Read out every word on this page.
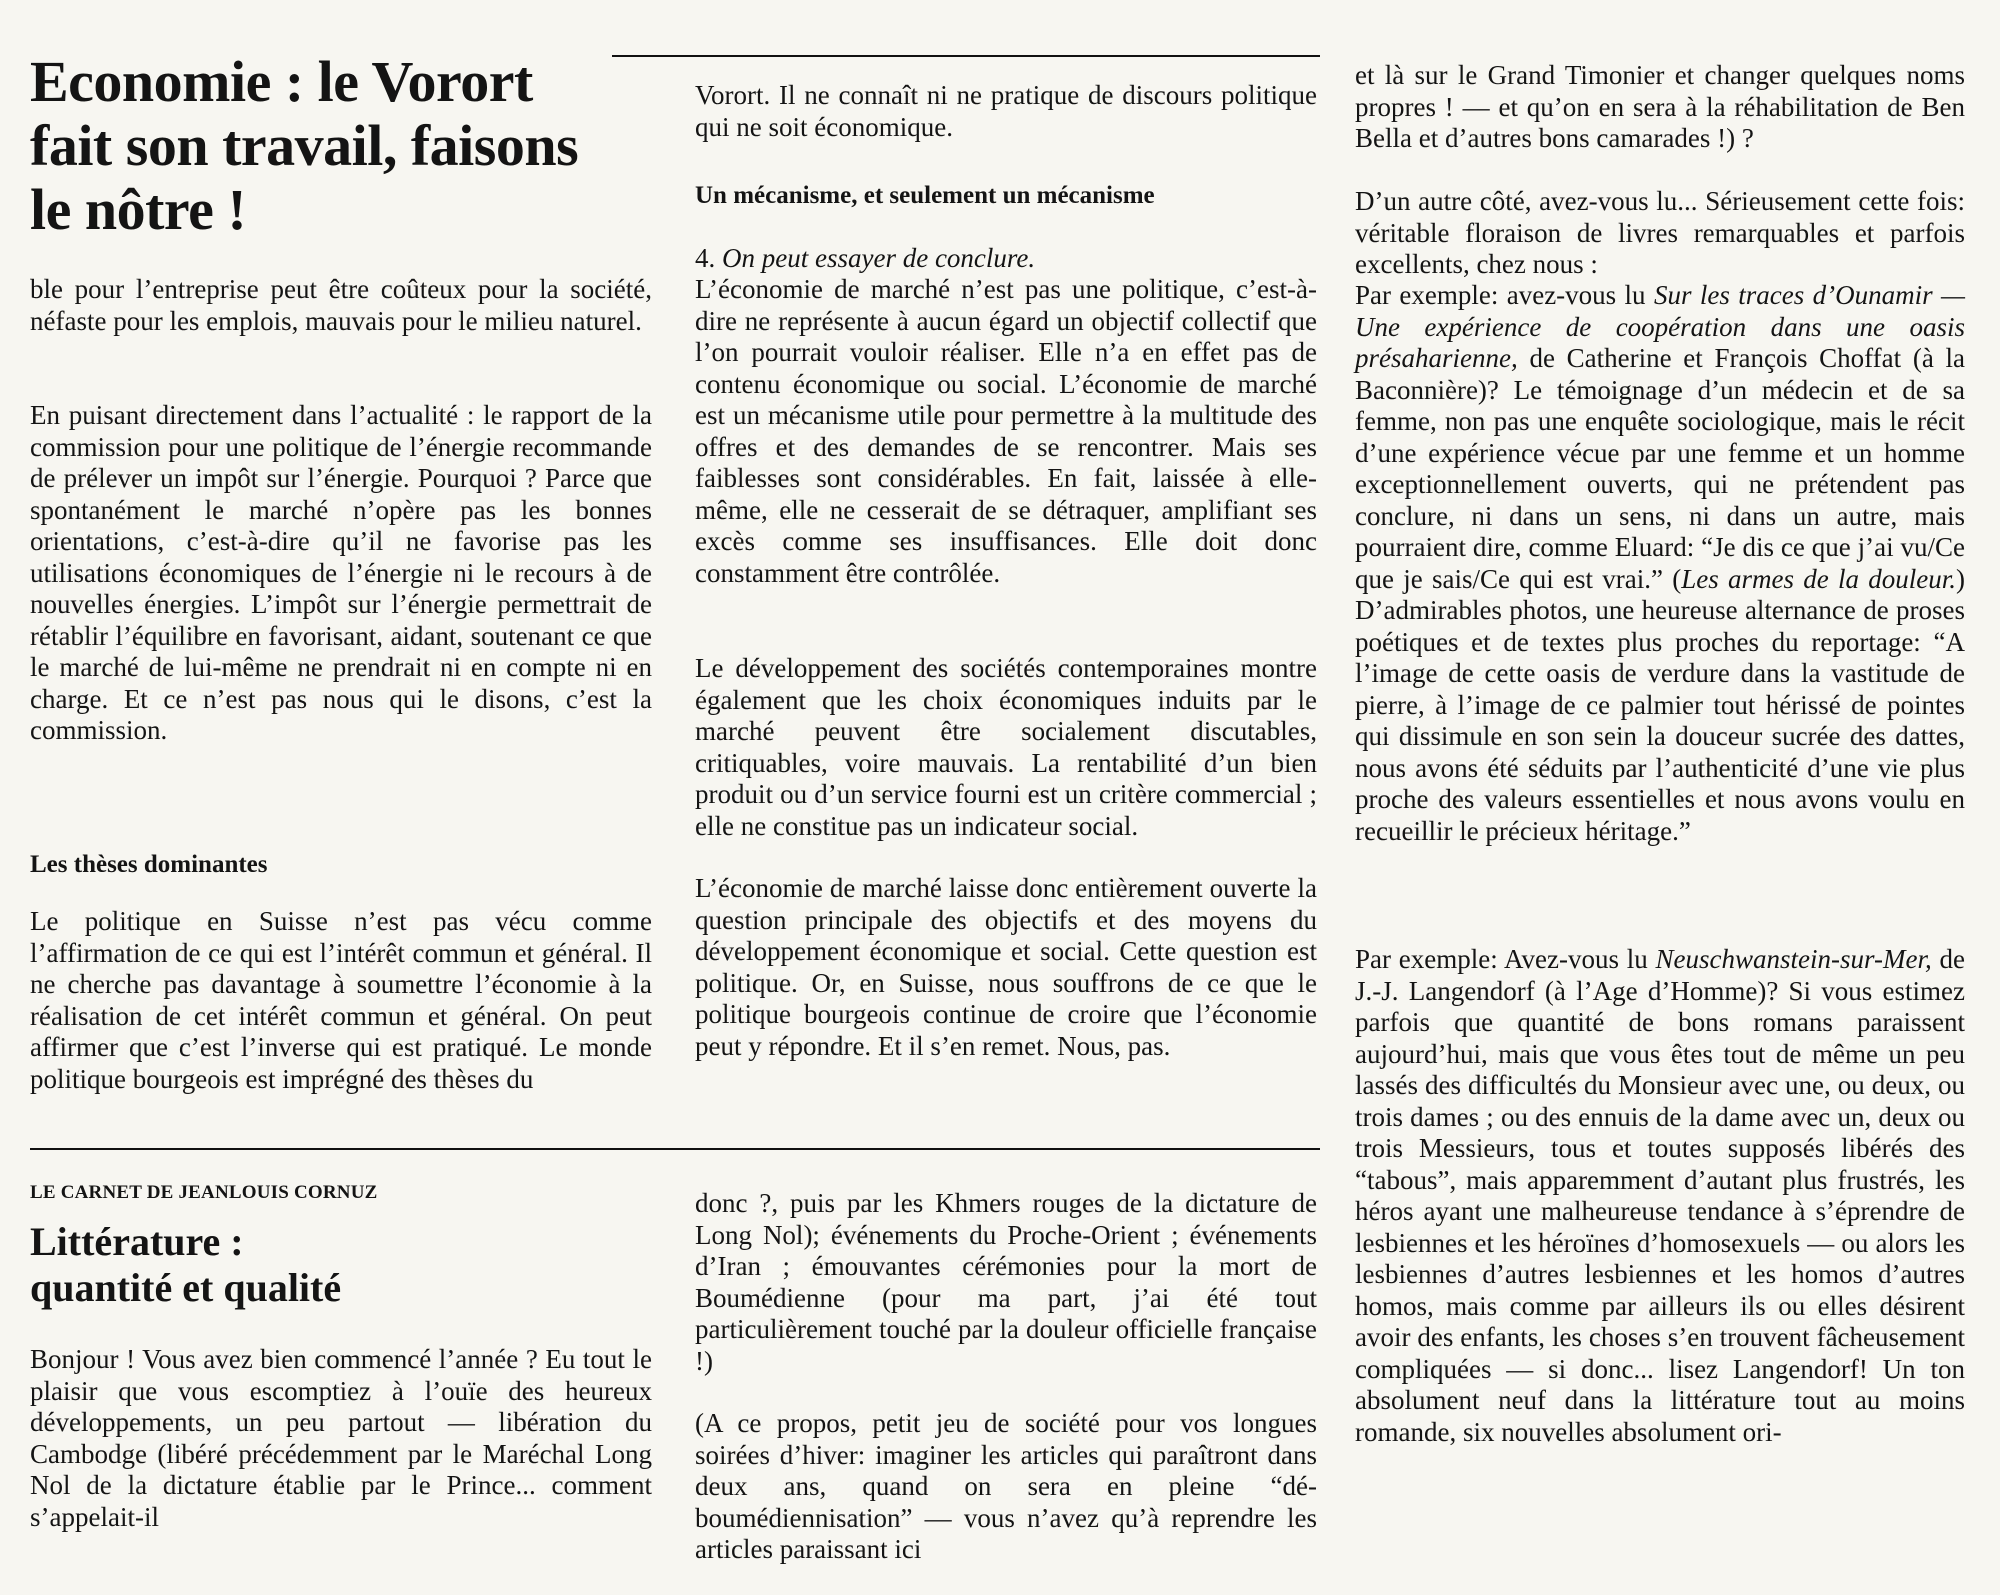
Economie : le Vorort fait son travail, faisons le nôtre !

ble pour l’entreprise peut être coûteux pour la société, néfaste pour les emplois, mauvais pour le milieu naturel.

En puisant directement dans l’actualité : le rapport de la commission pour une politique de l’énergie recommande de prélever un impôt sur l’énergie. Pourquoi ? Parce que spontanément le marché n’opère pas les bonnes orientations, c’est-à-dire qu’il ne favorise pas les utilisations économiques de l’énergie ni le recours à de nouvelles énergies. L’impôt sur l’énergie permettrait de rétablir l’équilibre en favorisant, aidant, soutenant ce que le marché de lui-même ne prendrait ni en compte ni en charge. Et ce n’est pas nous qui le disons, c’est la commission.

Les thèses dominantes

Le politique en Suisse n’est pas vécu comme l’affirmation de ce qui est l’intérêt commun et général. Il ne cherche pas davantage à soumettre l’économie à la réalisation de cet intérêt commun et général. On peut affirmer que c’est l’inverse qui est pratiqué. Le monde politique bourgeois est imprégné des thèses du

Vorort. Il ne connaît ni ne pratique de discours politique qui ne soit économique.

Un mécanisme, et seulement un mécanisme

4. On peut essayer de conclure.

L’économie de marché n’est pas une politique, c’est-à-dire ne représente à aucun égard un objectif collectif que l’on pourrait vouloir réaliser. Elle n’a en effet pas de contenu économique ou social. L’économie de marché est un mécanisme utile pour permettre à la multitude des offres et des demandes de se rencontrer. Mais ses faiblesses sont considérables. En fait, laissée à elle-même, elle ne cesserait de se détraquer, amplifiant ses excès comme ses insuffisances. Elle doit donc constamment être contrôlée.

Le développement des sociétés contemporaines montre également que les choix économiques induits par le marché peuvent être socialement discutables, critiquables, voire mauvais. La rentabilité d’un bien produit ou d’un service fourni est un critère commercial ; elle ne constitue pas un indicateur social.

L’économie de marché laisse donc entièrement ouverte la question principale des objectifs et des moyens du développement économique et social. Cette question est politique. Or, en Suisse, nous souffrons de ce que le politique bourgeois continue de croire que l’économie peut y répondre. Et il s’en remet. Nous, pas.

LE CARNET DE JEANLOUIS CORNUZ
Littérature :
quantité et qualité

Bonjour ! Vous avez bien commencé l’année ? Eu tout le plaisir que vous escomptiez à l’ouïe des heureux développements, un peu partout — libération du Cambodge (libéré précédemment par le Maréchal Long Nol de la dictature établie par le Prince... comment s’appelait-il

donc ?, puis par les Khmers rouges de la dictature de Long Nol); événements du Proche-Orient ; événements d’Iran ; émouvantes cérémonies pour la mort de Boumédienne (pour ma part, j’ai été tout particulièrement touché par la douleur officielle française !)

(A ce propos, petit jeu de société pour vos longues soirées d’hiver: imaginer les articles qui paraîtront dans deux ans, quand on sera en pleine “dé-boumédiennisation” — vous n’avez qu’à reprendre les articles paraissant ici

et là sur le Grand Timonier et changer quelques noms propres ! — et qu’on en sera à la réhabilitation de Ben Bella et d’autres bons camarades !) ?

D’un autre côté, avez-vous lu... Sérieusement cette fois: véritable floraison de livres remarquables et parfois excellents, chez nous :

Par exemple: avez-vous lu Sur les traces d’Ounamir — Une expérience de coopération dans une oasis présaharienne, de Catherine et François Choffat (à la Baconnière)? Le témoignage d’un médecin et de sa femme, non pas une enquête sociologique, mais le récit d’une expérience vécue par une femme et un homme exceptionnellement ouverts, qui ne prétendent pas conclure, ni dans un sens, ni dans un autre, mais pourraient dire, comme Eluard: “Je dis ce que j’ai vu/Ce que je sais/Ce qui est vrai.” (Les armes de la douleur.) D’admirables photos, une heureuse alternance de proses poétiques et de textes plus proches du reportage: “A l’image de cette oasis de verdure dans la vastitude de pierre, à l’image de ce palmier tout hérissé de pointes qui dissimule en son sein la douceur sucrée des dattes, nous avons été séduits par l’authenticité d’une vie plus proche des valeurs essentielles et nous avons voulu en recueillir le précieux héritage.”

Par exemple: Avez-vous lu Neuschwanstein-sur-Mer, de J.-J. Langendorf (à l’Age d’Homme)? Si vous estimez parfois que quantité de bons romans paraissent aujourd’hui, mais que vous êtes tout de même un peu lassés des difficultés du Monsieur avec une, ou deux, ou trois dames ; ou des ennuis de la dame avec un, deux ou trois Messieurs, tous et toutes supposés libérés des “tabous”, mais apparemment d’autant plus frustrés, les héros ayant une malheureuse tendance à s’éprendre de lesbiennes et les héroïnes d’homosexuels — ou alors les lesbiennes d’autres lesbiennes et les homos d’autres homos, mais comme par ailleurs ils ou elles désirent avoir des enfants, les choses s’en trouvent fâcheusement compliquées — si donc... lisez Langendorf! Un ton absolument neuf dans la littérature tout au moins romande, six nouvelles absolument ori-
